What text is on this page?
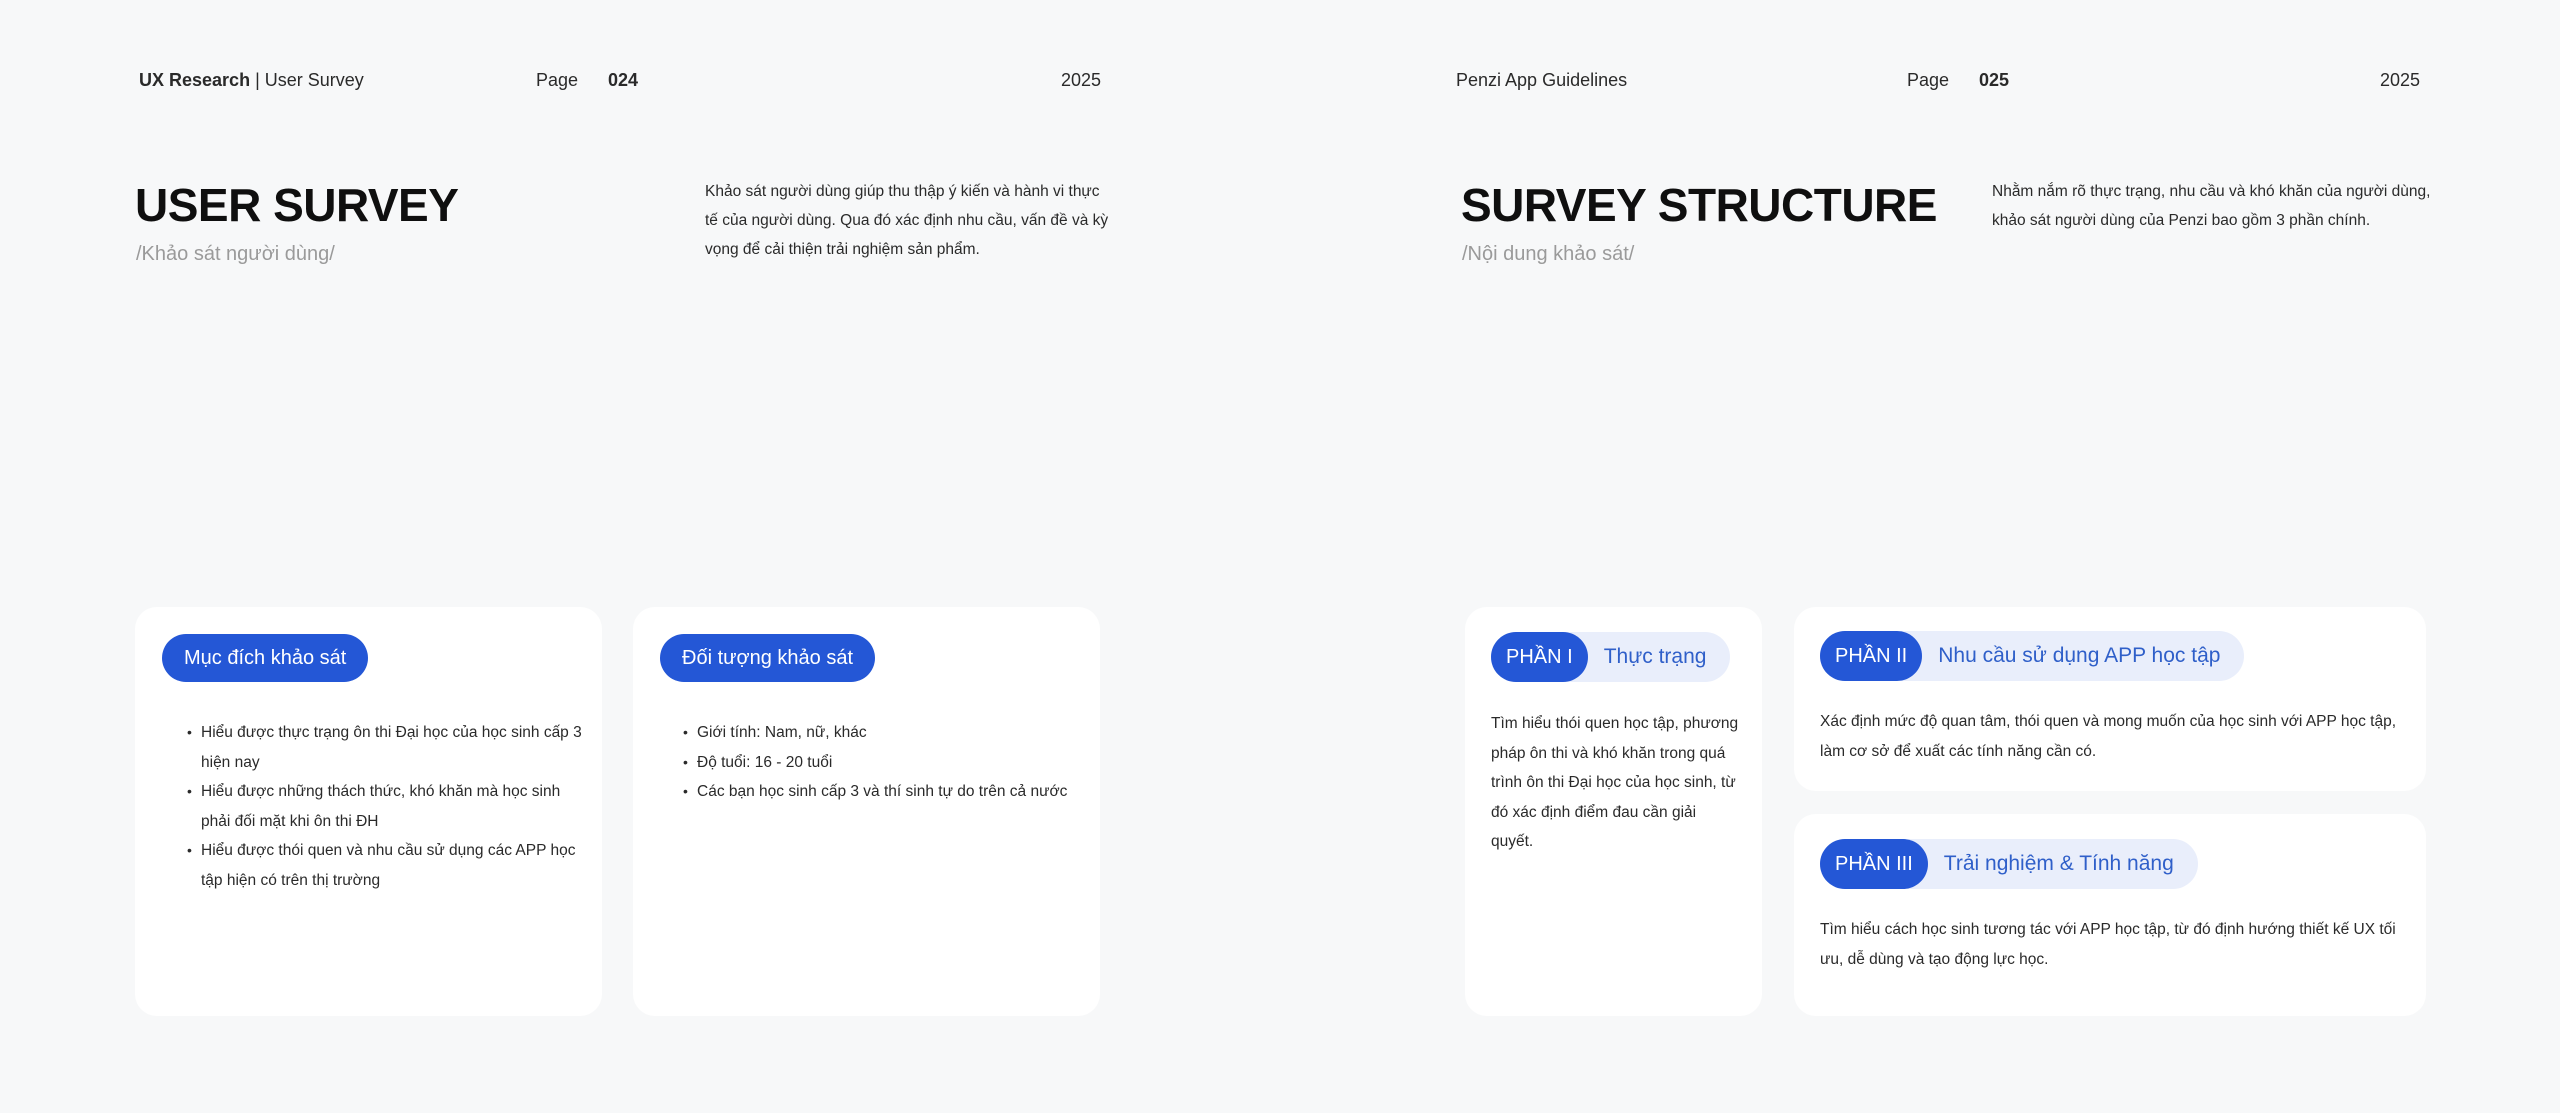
UX Research | User Survey	Page 024	2025
USER SURVEY
/Khảo sát người dùng/
Khảo sát người dùng giúp thu thập ý kiến và hành vi thực tế của người dùng. Qua đó xác định nhu cầu, vấn đề và kỳ vọng để cải thiện trải nghiệm sản phẩm.
Mục đích khảo sát
• Hiểu được thực trạng ôn thi Đại học của học sinh cấp 3 hiện nay
• Hiểu được những thách thức, khó khăn mà học sinh phải đối mặt khi ôn thi ĐH
• Hiểu được thói quen và nhu cầu sử dụng các APP học tập hiện có trên thị trường
Đối tượng khảo sát
• Giới tính: Nam, nữ, khác
• Độ tuổi: 16 - 20 tuổi
• Các bạn học sinh cấp 3 và thí sinh tự do trên cả nước
Penzi App Guidelines	Page 025	2025
SURVEY STRUCTURE
/Nội dung khảo sát/
Nhằm nắm rõ thực trạng, nhu cầu và khó khăn của người dùng, khảo sát người dùng của Penzi bao gồm 3 phần chính.
PHẦN I	Thực trạng
Tìm hiểu thói quen học tập, phương pháp ôn thi và khó khăn trong quá trình ôn thi Đại học của học sinh, từ đó xác định điểm đau cần giải quyết.
PHẦN II	Nhu cầu sử dụng APP học tập
Xác định mức độ quan tâm, thói quen và mong muốn của học sinh với APP học tập, làm cơ sở để xuất các tính năng cần có.
PHẦN III	Trải nghiệm & Tính năng
Tìm hiểu cách học sinh tương tác với APP học tập, từ đó định hướng thiết kế UX tối ưu, dễ dùng và tạo động lực học.
